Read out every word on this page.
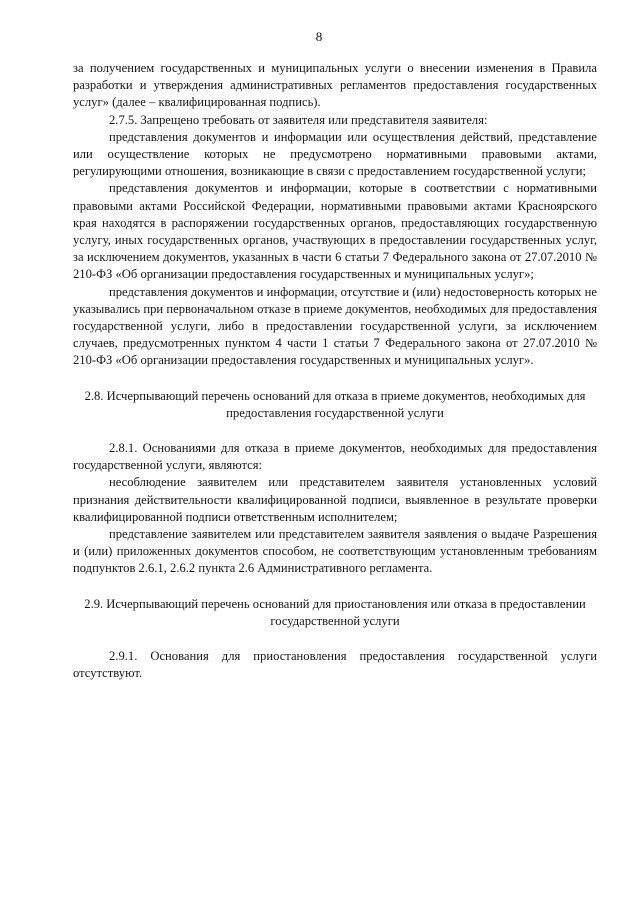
8

за получением государственных и муниципальных услуги о внесении изменения в Правила разработки и утверждения административных регламентов предоставления государственных услуг» (далее – квалифицированная подпись).

2.7.5. Запрещено требовать от заявителя или представителя заявителя:

представления документов и информации или осуществления действий, представление или осуществление которых не предусмотрено нормативными правовыми актами, регулирующими отношения, возникающие в связи с предоставлением государственной услуги;

представления документов и информации, которые в соответствии с нормативными правовыми актами Российской Федерации, нормативными правовыми актами Красноярского края находятся в распоряжении государственных органов, предоставляющих государственную услугу, иных государственных органов, участвующих в предоставлении государственных услуг, за исключением документов, указанных в части 6 статьи 7 Федерального закона от 27.07.2010 № 210-ФЗ «Об организации предоставления государственных и муниципальных услуг»;

представления документов и информации, отсутствие и (или) недостоверность которых не указывались при первоначальном отказе в приеме документов, необходимых для предоставления государственной услуги, либо в предоставлении государственной услуги, за исключением случаев, предусмотренных пунктом 4 части 1 статьи 7 Федерального закона от 27.07.2010 № 210-ФЗ «Об организации предоставления государственных и муниципальных услуг».

2.8. Исчерпывающий перечень оснований для отказа в приеме документов, необходимых для предоставления государственной услуги

2.8.1. Основаниями для отказа в приеме документов, необходимых для предоставления государственной услуги, являются:

несоблюдение заявителем или представителем заявителя установленных условий признания действительности квалифицированной подписи, выявленное в результате проверки квалифицированной подписи ответственным исполнителем;

представление заявителем или представителем заявителя заявления о выдаче Разрешения и (или) приложенных документов способом, не соответствующим установленным требованиям подпунктов 2.6.1, 2.6.2 пункта 2.6 Административного регламента.

2.9. Исчерпывающий перечень оснований для приостановления или отказа в предоставлении государственной услуги

2.9.1. Основания для приостановления предоставления государственной услуги отсутствуют.
